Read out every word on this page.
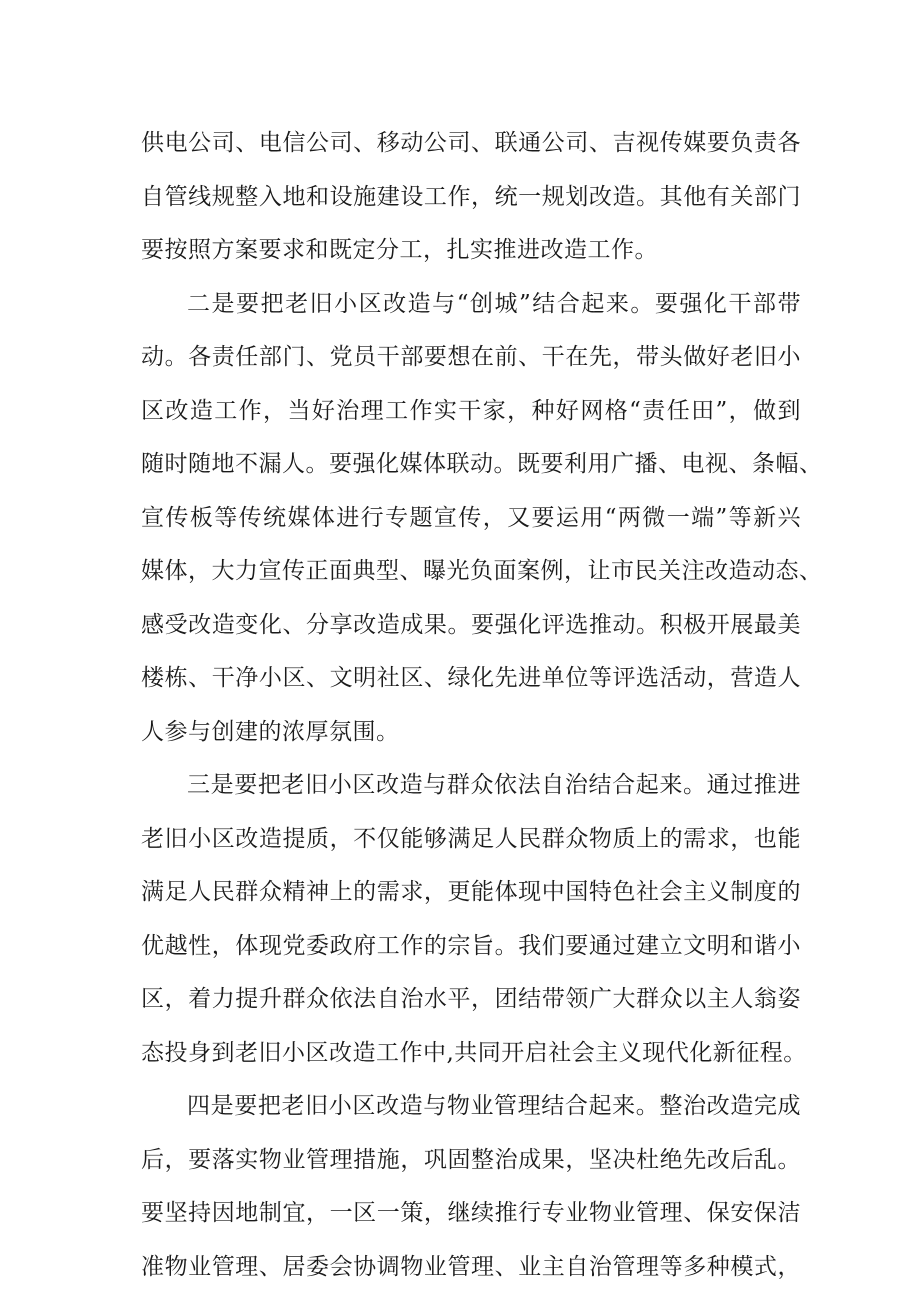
供电公司、电信公司、移动公司、联通公司、吉视传媒要负责各
自管线规整入地和设施建设工作，统一规划改造。其他有关部门
要按照方案要求和既定分工，扎实推进改造工作。
二是要把老旧小区改造与“创城”结合起来。要强化干部带
动。各责任部门、党员干部要想在前、干在先，带头做好老旧小
区改造工作，当好治理工作实干家，种好网格“责任田”，做到
随时随地不漏人。要强化媒体联动。既要利用广播、电视、条幅、
宣传板等传统媒体进行专题宣传，又要运用“两微一端”等新兴
媒体，大力宣传正面典型、曝光负面案例，让市民关注改造动态、
感受改造变化、分享改造成果。要强化评选推动。积极开展最美
楼栋、干净小区、文明社区、绿化先进单位等评选活动，营造人
人参与创建的浓厚氛围。
三是要把老旧小区改造与群众依法自治结合起来。通过推进
老旧小区改造提质，不仅能够满足人民群众物质上的需求，也能
满足人民群众精神上的需求，更能体现中国特色社会主义制度的
优越性，体现党委政府工作的宗旨。我们要通过建立文明和谐小
区，着力提升群众依法自治水平，团结带领广大群众以主人翁姿
态投身到老旧小区改造工作中,共同开启社会主义现代化新征程。
四是要把老旧小区改造与物业管理结合起来。整治改造完成
后，要落实物业管理措施，巩固整治成果，坚决杜绝先改后乱。
要坚持因地制宜，一区一策，继续推行专业物业管理、保安保洁
准物业管理、居委会协调物业管理、业主自治管理等多种模式，
